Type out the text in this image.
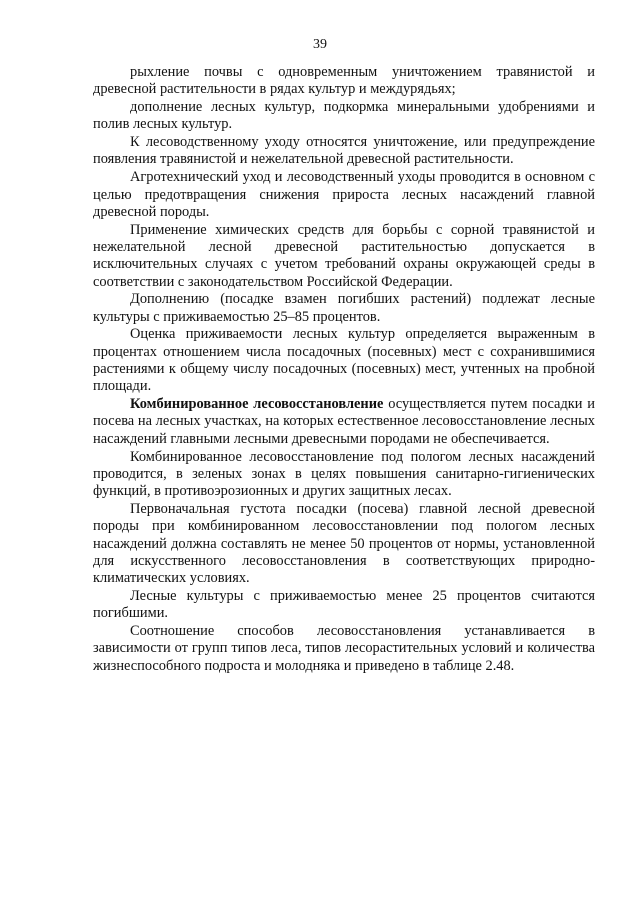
39

рыхление почвы с одновременным уничтожением травянистой и древесной растительности в рядах культур и междурядьях;

дополнение лесных культур, подкормка минеральными удобрениями и полив лесных культур.

К лесоводственному уходу относятся уничтожение, или предупреждение появления травянистой и нежелательной древесной растительности.

Агротехнический уход и лесоводственный уходы проводится в основном с целью предотвращения снижения прироста лесных насаждений главной древесной породы.

Применение химических средств для борьбы с сорной травянистой и нежелательной лесной древесной растительностью допускается в исключительных случаях с учетом требований охраны окружающей среды в соответствии с законодательством Российской Федерации.

Дополнению (посадке взамен погибших растений) подлежат лесные культуры с приживаемостью 25–85 процентов.

Оценка приживаемости лесных культур определяется выраженным в процентах отношением числа посадочных (посевных) мест с сохранившимися растениями к общему числу посадочных (посевных) мест, учтенных на пробной площади.

Комбинированное лесовосстановление осуществляется путем посадки и посева на лесных участках, на которых естественное лесовосстановление лесных насаждений главными лесными древесными породами не обеспечивается.

Комбинированное лесовосстановление под пологом лесных насаждений проводится, в зеленых зонах в целях повышения санитарно-гигиенических функций, в противоэрозионных и других защитных лесах.

Первоначальная густота посадки (посева) главной лесной древесной породы при комбинированном лесовосстановлении под пологом лесных насаждений должна составлять не менее 50 процентов от нормы, установленной для искусственного лесовосстановления в соответствующих природно-климатических условиях.

Лесные культуры с приживаемостью менее 25 процентов считаются погибшими.

Соотношение способов лесовосстановления устанавливается в зависимости от групп типов леса, типов лесорастительных условий и количества жизнеспособного подроста и молодняка и приведено в таблице 2.48.
